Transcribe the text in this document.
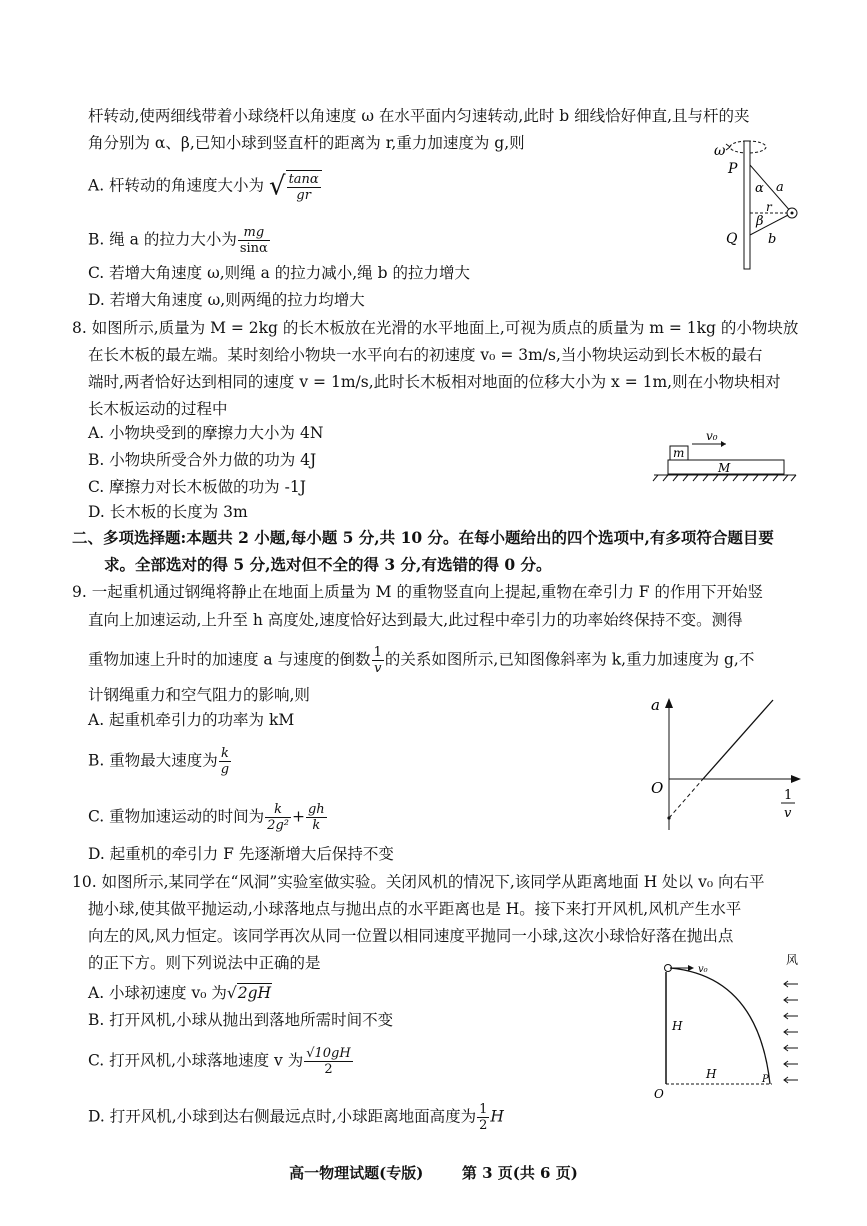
杆转动,使两细线带着小球绕杆以角速度 ω 在水平面内匀速转动,此时 b 细线恰好伸直,且与杆的夹
角分别为 α、β,已知小球到竖直杆的距离为 r,重力加速度为 g,则
A. 杆转动的角速度大小为 √ $\frac{\tan\alpha}{gr}$
B. 绳 a 的拉力大小为 $\frac{mg}{\sin\alpha}$
C. 若增大角速度 ω,则绳 a 的拉力减小,绳 b 的拉力增大
D. 若增大角速度 ω,则两绳的拉力均增大
ω
P
Q
α
β
a
r
b
8. 如图所示,质量为 M = 2kg 的长木板放在光滑的水平地面上,可视为质点的质量为 m = 1kg 的小物块放
在长木板的最左端。某时刻给小物块一水平向右的初速度 v₀ = 3m/s,当小物块运动到长木板的最右
端时,两者恰好达到相同的速度 v = 1m/s,此时长木板相对地面的位移大小为 x = 1m,则在小物块相对
长木板运动的过程中
A. 小物块受到的摩擦力大小为 4N
B. 小物块所受合外力做的功为 4J
C. 摩擦力对长木板做的功为 -1J
D. 长木板的长度为 3m
v₀
m
M
二、多项选择题:本题共 2 小题,每小题 5 分,共 10 分。在每小题给出的四个选项中,有多项符合题目要
求。全部选对的得 5 分,选对但不全的得 3 分,有选错的得 0 分。
9. 一起重机通过钢绳将静止在地面上质量为 M 的重物竖直向上提起,重物在牵引力 F 的作用下开始竖
直向上加速运动,上升至 h 高度处,速度恰好达到最大,此过程中牵引力的功率始终保持不变。测得
重物加速上升时的加速度 a 与速度的倒数 $\frac{1}{v}$ 的关系如图所示,已知图像斜率为 k,重力加速度为 g,不
计钢绳重力和空气阻力的影响,则
A. 起重机牵引力的功率为 kM
B. 重物最大速度为 $\frac{k}{g}$
C. 重物加速运动的时间为 $\frac{k}{\text{2g²}} + \frac{gh}{k}$
D. 起重机的牵引力 F 先逐渐增大后保持不变
a
O	1
v
10. 如图所示,某同学在“风洞”实验室做实验。关闭风机的情况下,该同学从距离地面 H 处以 v₀ 向右平
抛小球,使其做平抛运动,小球落地点与抛出点的水平距离也是 H。接下来打开风机,风机产生水平
向左的风,风力恒定。该同学再次从同一位置以相同速度平抛同一小球,这次小球恰好落在抛出点
的正下方。则下列说法中正确的是
A. 小球初速度 v₀ 为√2gH
B. 打开风机,小球从抛出到落地所需时间不变
C. 打开风机,小球落地速度 v 为 $\frac{√10gH}{2}$
D. 打开风机,小球到达右侧最远点时,小球距离地面高度为 $\frac{1}{2}$ H
风
v₀
H
H
O
P
高一物理试题(专版)	第 3 页(共 6 页)
